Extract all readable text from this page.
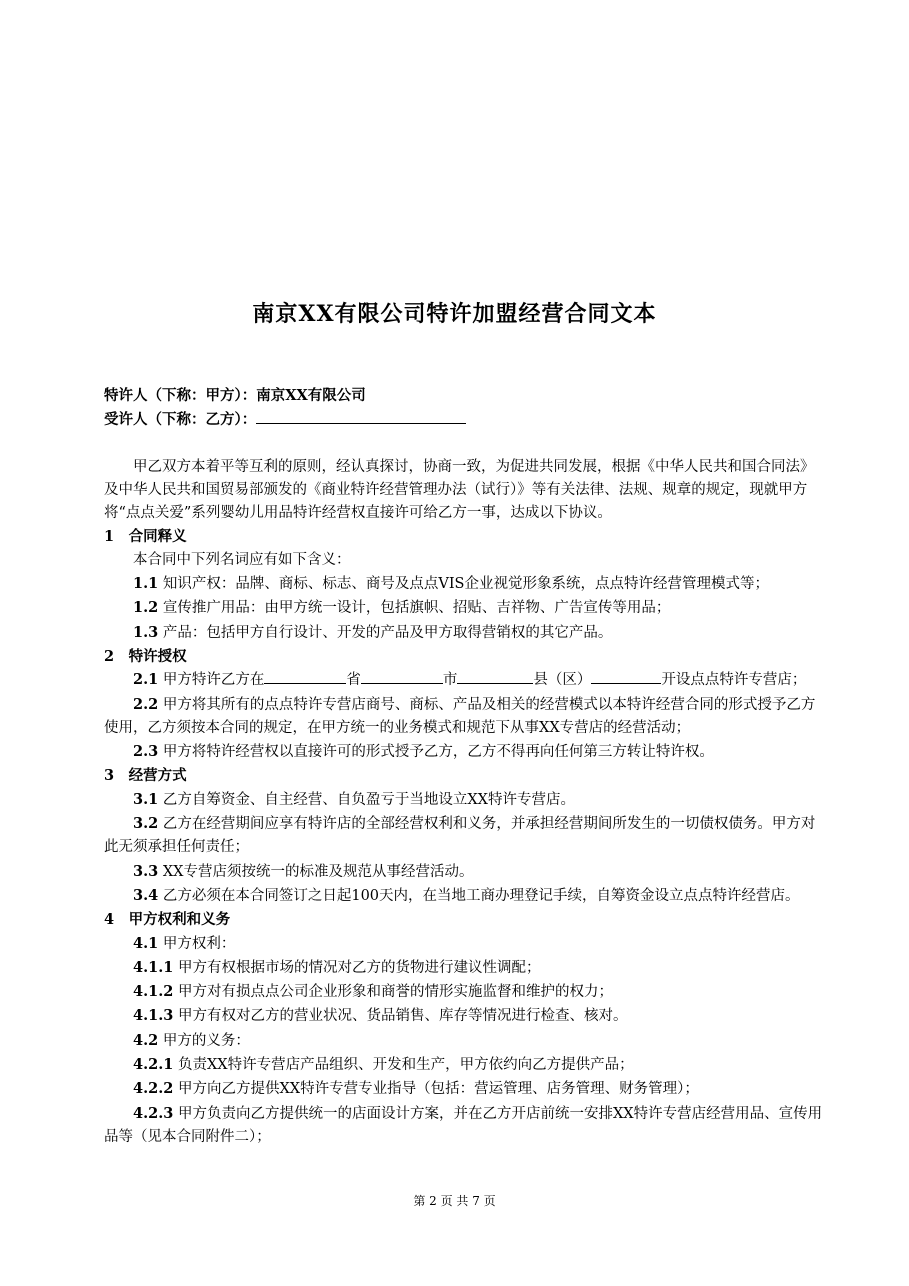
南京XX有限公司特许加盟经营合同文本

特许人（下称：甲方）：南京XX有限公司

受许人（下称：乙方）：

甲乙双方本着平等互利的原则，经认真探讨，协商一致，为促进共同发展，根据《中华人民共和国合同法》及中华人民共和国贸易部颁发的《商业特许经营管理办法（试行）》等有关法律、法规、规章的规定，现就甲方将“点点关爱”系列婴幼儿用品特许经营权直接许可给乙方一事，达成以下协议。

1　合同释义

本合同中下列名词应有如下含义：

1.1 知识产权：品牌、商标、标志、商号及点点VIS企业视觉形象系统，点点特许经营管理模式等；

1.2 宣传推广用品：由甲方统一设计，包括旗帜、招贴、吉祥物、广告宣传等用品；

1.3 产品：包括甲方自行设计、开发的产品及甲方取得营销权的其它产品。

2　特许授权

2.1 甲方特许乙方在	省	市	县（区）	开设点点特许专营店；

2.2 甲方将其所有的点点特许专营店商号、商标、产品及相关的经营模式以本特许经营合同的形式授予乙方使用，乙方须按本合同的规定，在甲方统一的业务模式和规范下从事XX专营店的经营活动；

2.3 甲方将特许经营权以直接许可的形式授予乙方，乙方不得再向任何第三方转让特许权。

3　经营方式

3.1 乙方自筹资金、自主经营、自负盈亏于当地设立XX特许专营店。

3.2 乙方在经营期间应享有特许店的全部经营权利和义务，并承担经营期间所发生的一切债权债务。甲方对此无须承担任何责任；

3.3 XX专营店须按统一的标准及规范从事经营活动。

3.4 乙方必须在本合同签订之日起100天内，在当地工商办理登记手续，自筹资金设立点点特许经营店。

4　甲方权利和义务

4.1 甲方权利：

4.1.1 甲方有权根据市场的情况对乙方的货物进行建议性调配；

4.1.2 甲方对有损点点公司企业形象和商誉的情形实施监督和维护的权力；

4.1.3 甲方有权对乙方的营业状况、货品销售、库存等情况进行检查、核对。

4.2 甲方的义务：

4.2.1 负责XX特许专营店产品组织、开发和生产，甲方依约向乙方提供产品；

4.2.2 甲方向乙方提供XX特许专营专业指导（包括：营运管理、店务管理、财务管理）；

4.2.3 甲方负责向乙方提供统一的店面设计方案，并在乙方开店前统一安排XX特许专营店经营用品、宣传用品等（见本合同附件二）；

第 2 页 共 7 页
